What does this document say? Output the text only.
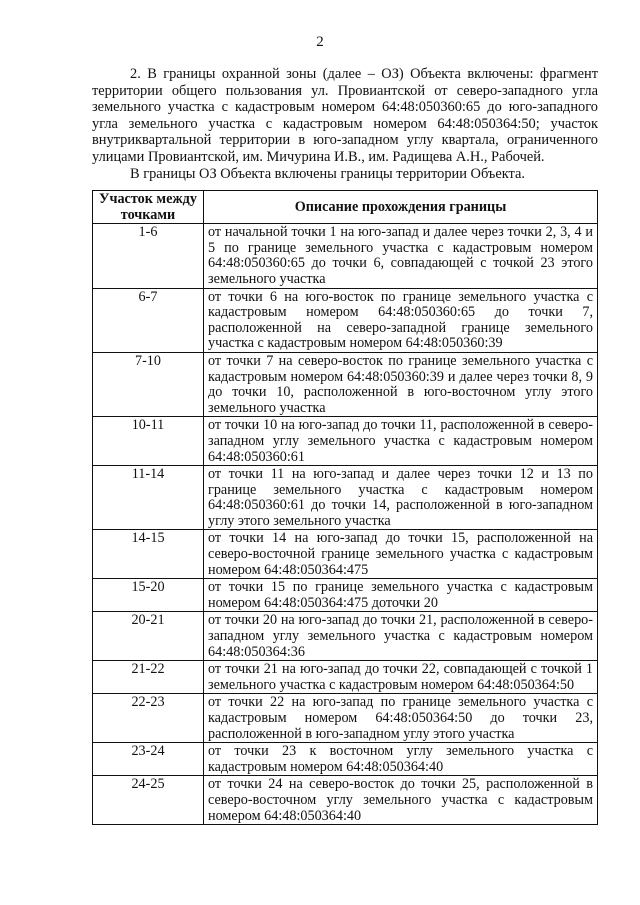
2

2. В границы охранной зоны (далее – ОЗ) Объекта включены: фрагмент территории общего пользования ул. Провиантской от северо-западного угла земельного участка с кадастровым номером 64:48:050360:65 до юго-западного угла земельного участка с кадастровым номером 64:48:050364:50; участок внутриквартальной территории в юго-западном углу квартала, ограниченного улицами Провиантской, им. Мичурина И.В., им. Радищева А.Н., Рабочей.

В границы ОЗ Объекта включены границы территории Объекта.

Участок между точками	Описание прохождения границы
1-6	от начальной точки 1 на юго-запад и далее через точки 2, 3, 4 и 5 по границе земельного участка с кадастровым номером 64:48:050360:65 до точки 6, совпадающей с точкой 23 этого земельного участка
6-7	от точки 6 на юго-восток по границе земельного участка с кадастровым номером 64:48:050360:65 до точки 7, расположенной на северо-западной границе земельного участка с кадастровым номером 64:48:050360:39
7-10	от точки 7 на северо-восток по границе земельного участка с кадастровым номером 64:48:050360:39 и далее через точки 8, 9 до точки 10, расположенной в юго-восточном углу этого земельного участка
10-11	от точки 10 на юго-запад до точки 11, расположенной в северо-западном углу земельного участка с кадастровым номером 64:48:050360:61
11-14	от точки 11 на юго-запад и далее через точки 12 и 13 по границе земельного участка с кадастровым номером 64:48:050360:61 до точки 14, расположенной в юго-западном углу этого земельного участка
14-15	от точки 14 на юго-запад до точки 15, расположенной на северо-восточной границе земельного участка с кадастровым номером 64:48:050364:475
15-20	от точки 15 по границе земельного участка с кадастровым номером 64:48:050364:475 доточки 20
20-21	от точки 20 на юго-запад до точки 21, расположенной в северо-западном углу земельного участка с кадастровым номером 64:48:050364:36
21-22	от точки 21 на юго-запад до точки 22, совпадающей с точкой 1 земельного участка с кадастровым номером 64:48:050364:50
22-23	от точки 22 на юго-запад по границе земельного участка с кадастровым номером 64:48:050364:50 до точки 23, расположенной в юго-западном углу этого участка
23-24	от точки 23 к восточном углу земельного участка с кадастровым номером 64:48:050364:40
24-25	от точки 24 на северо-восток до точки 25, расположенной в северо-восточном углу земельного участка с кадастровым номером 64:48:050364:40
